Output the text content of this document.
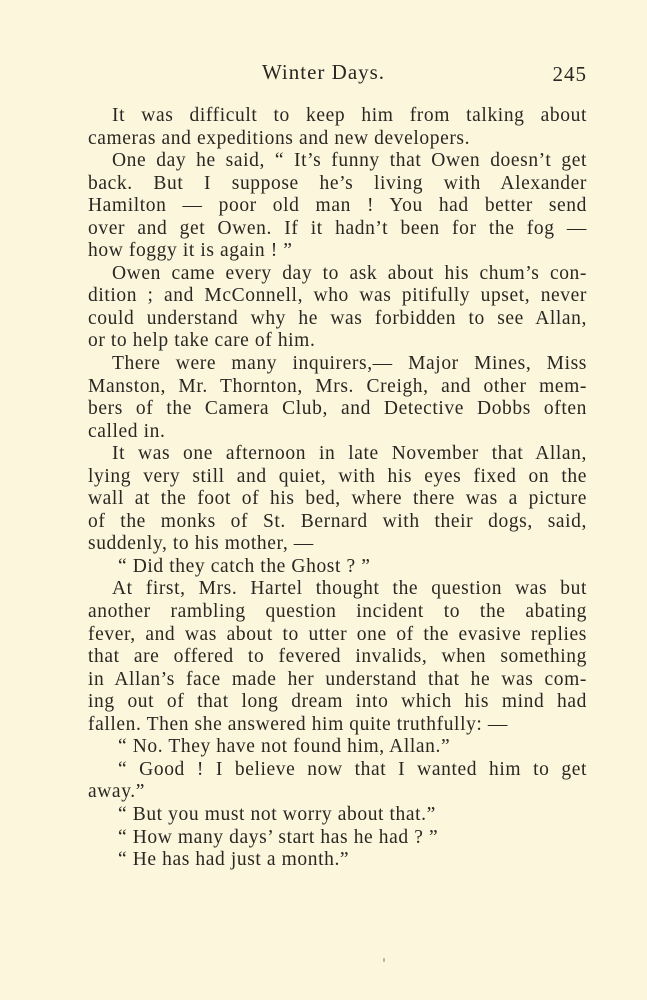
Winter Days.	245
It was difficult to keep him from talking about
cameras and expeditions and new developers.
One day he said, “ It’s funny that Owen doesn’t get
back. But I suppose he’s living with Alexander
Hamilton — poor old man ! You had better send
over and get Owen. If it hadn’t been for the fog —
how foggy it is again ! ”
Owen came every day to ask about his chum’s con-
dition ; and McConnell, who was pitifully upset, never
could understand why he was forbidden to see Allan,
or to help take care of him.
There were many inquirers,— Major Mines, Miss
Manston, Mr. Thornton, Mrs. Creigh, and other mem-
bers of the Camera Club, and Detective Dobbs often
called in.
It was one afternoon in late November that Allan,
lying very still and quiet, with his eyes fixed on the
wall at the foot of his bed, where there was a picture
of the monks of St. Bernard with their dogs, said,
suddenly, to his mother, —
“ Did they catch the Ghost ? ”
At first, Mrs. Hartel thought the question was but
another rambling question incident to the abating
fever, and was about to utter one of the evasive replies
that are offered to fevered invalids, when something
in Allan’s face made her understand that he was com-
ing out of that long dream into which his mind had
fallen. Then she answered him quite truthfully: —
“ No. They have not found him, Allan.”
“ Good ! I believe now that I wanted him to get
away.”
“ But you must not worry about that.”
“ How many days’ start has he had ? ”
“ He has had just a month.”
